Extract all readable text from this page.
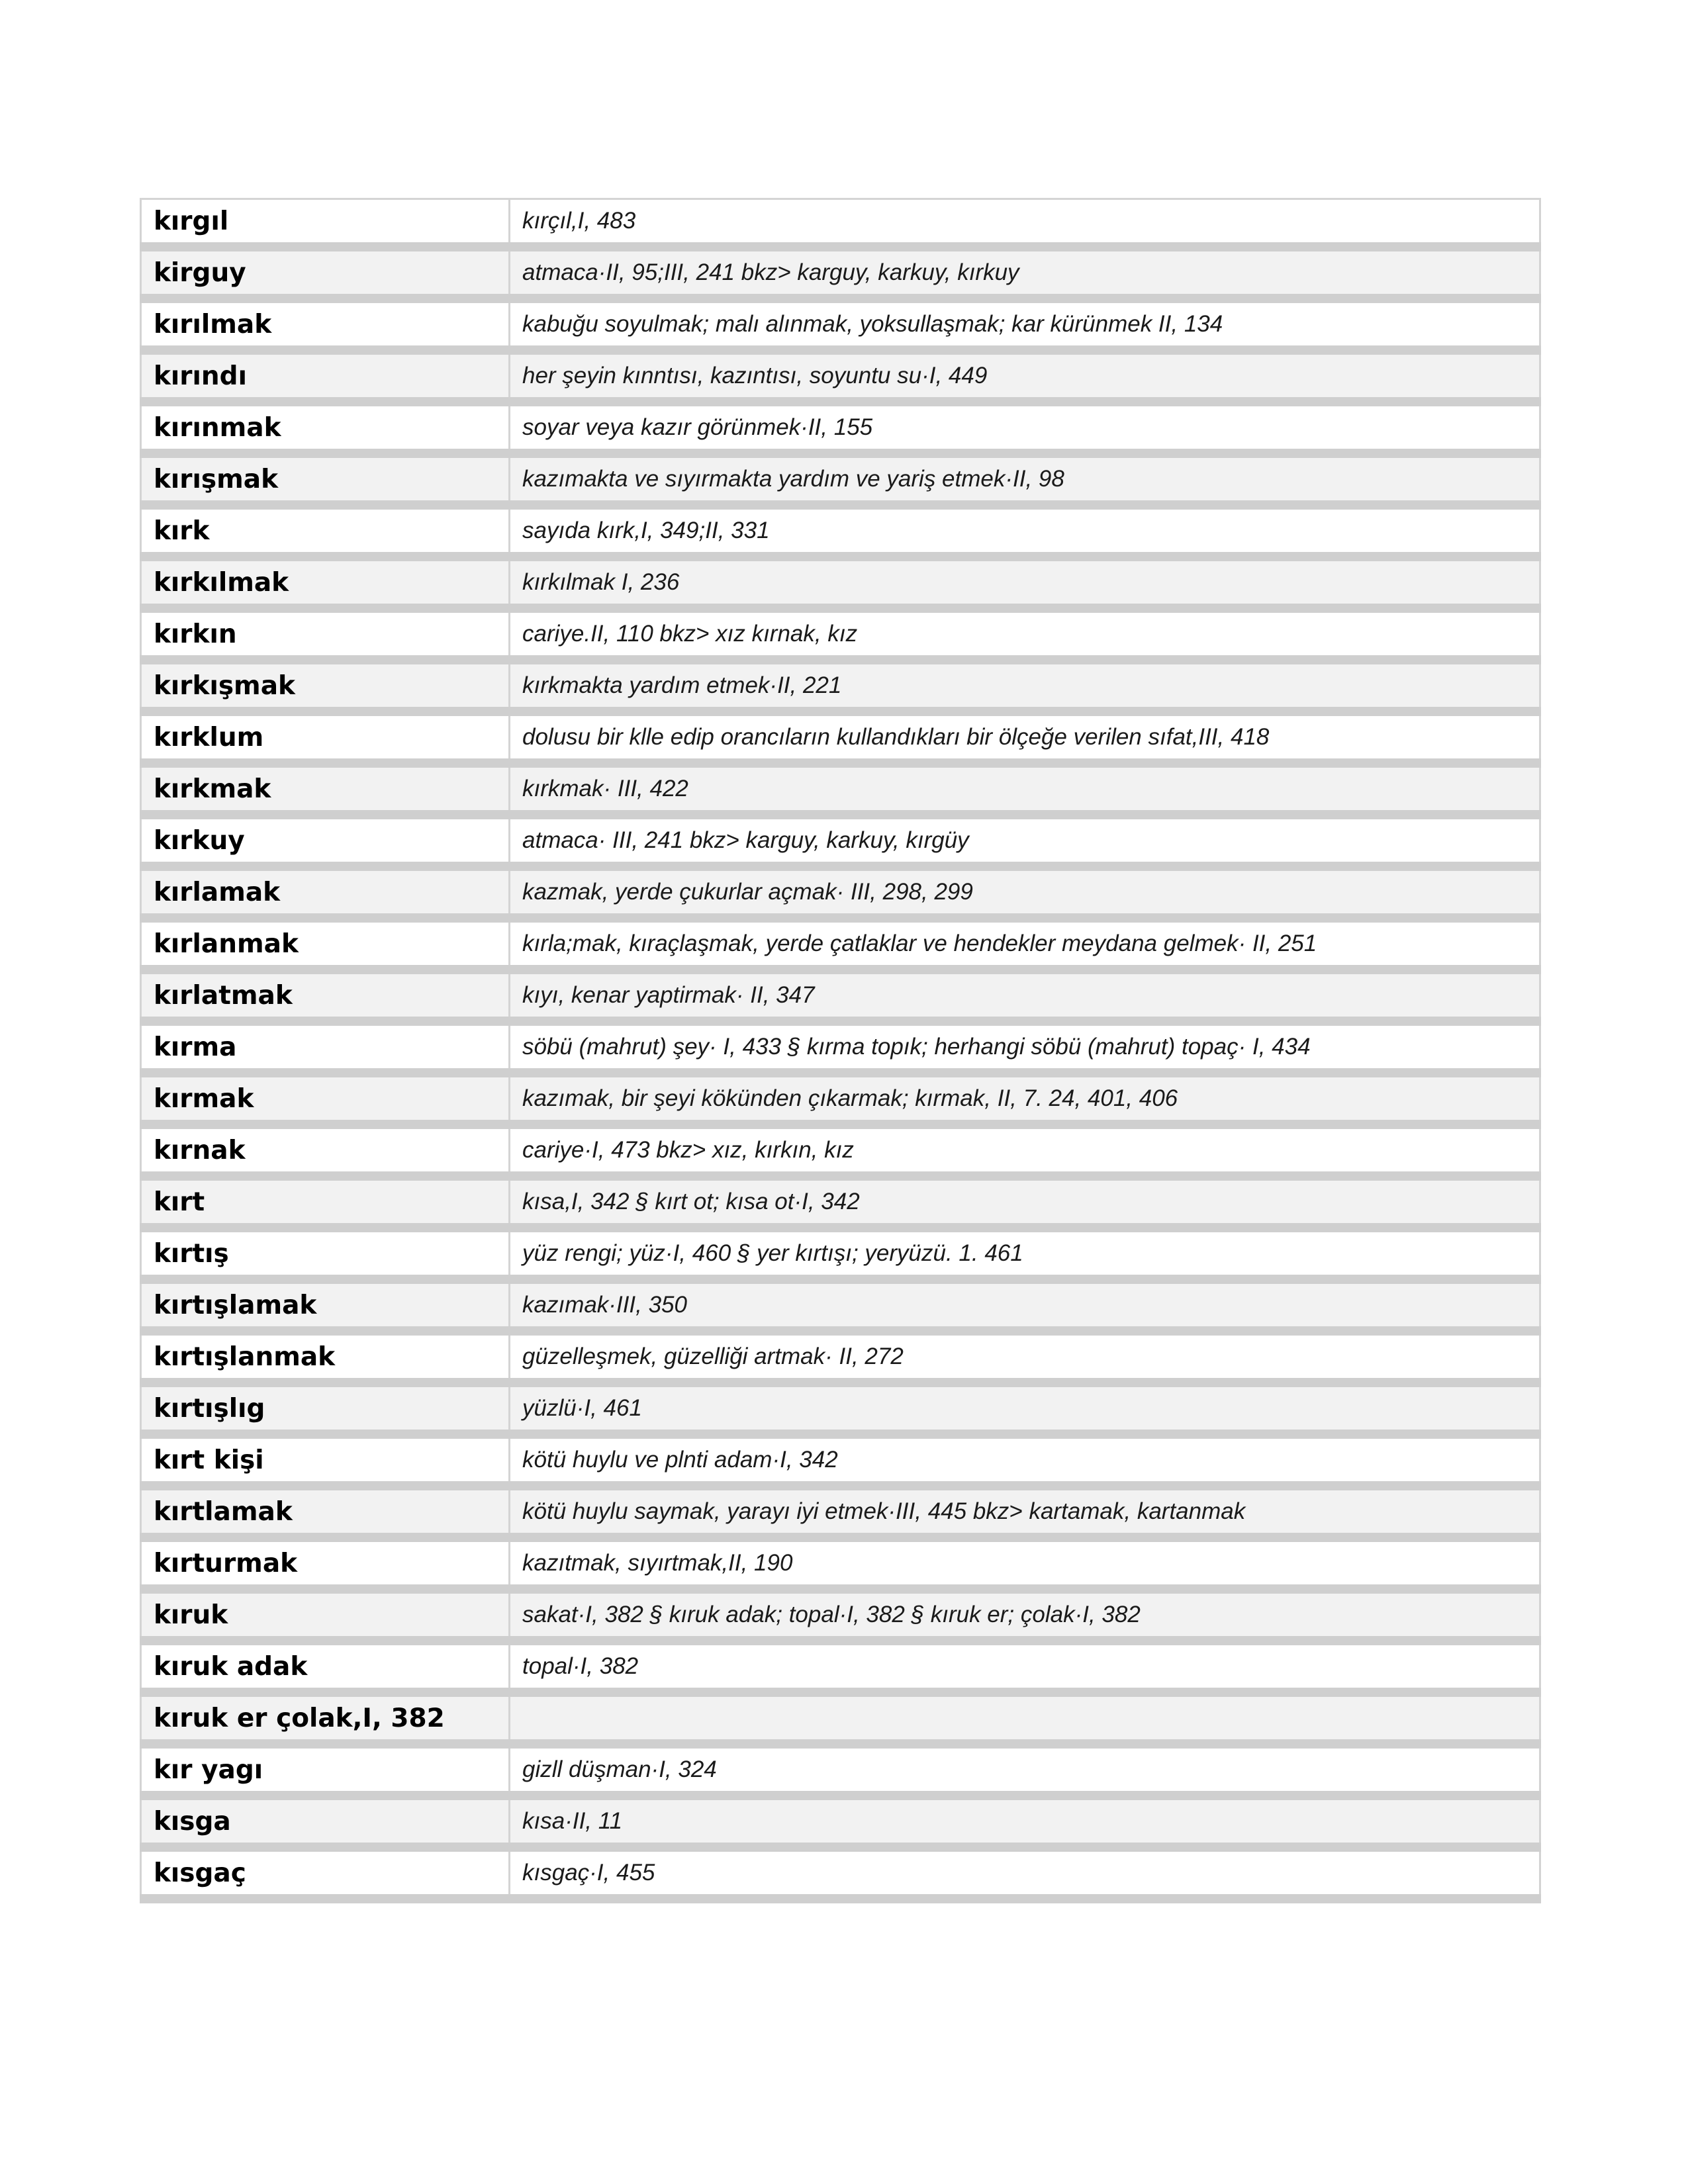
kırgıl	kırçıl,I, 483
kirguy	atmaca·II, 95;III, 241 bkz> karguy, karkuy, kırkuy
kırılmak	kabuğu soyulmak; malı alınmak, yoksullaşmak; kar kürünmek II, 134
kırındı	her şeyin kınntısı, kazıntısı, soyuntu su·I, 449
kırınmak	soyar veya kazır görünmek·II, 155
kırışmak	kazımakta ve sıyırmakta yardım ve yariş etmek·II, 98
kırk	sayıda kırk,I, 349;II, 331
kırkılmak	kırkılmak I, 236
kırkın	cariye.II, 110 bkz> xız kırnak, kız
kırkışmak	kırkmakta yardım etmek·II, 221
kırklum	dolusu bir klle edip orancıların kullandıkları bir ölçeğe verilen sıfat,III, 418
kırkmak	kırkmak· III, 422
kırkuy	atmaca· III, 241 bkz> karguy, karkuy, kırgüy
kırlamak	kazmak, yerde çukurlar açmak· III, 298, 299
kırlanmak	kırla;mak, kıraçlaşmak, yerde çatlaklar ve hendekler meydana gelmek· II, 251
kırlatmak	kıyı, kenar yaptirmak· II, 347
kırma	söbü (mahrut) şey· I, 433 § kırma topık; herhangi söbü (mahrut) topaç· I, 434
kırmak	kazımak, bir şeyi kökünden çıkarmak; kırmak, II, 7. 24, 401, 406
kırnak	cariye·I, 473 bkz> xız, kırkın, kız
kırt	kısa,I, 342 § kırt ot; kısa ot·I, 342
kırtış	yüz rengi; yüz·I, 460 § yer kırtışı; yeryüzü. 1. 461
kırtışlamak	kazımak·III, 350
kırtışlanmak	güzelleşmek, güzelliği artmak· II, 272
kırtışlıg	yüzlü·I, 461
kırt kişi	kötü huylu ve plnti adam·I, 342
kırtlamak	kötü huylu saymak, yarayı iyi etmek·III, 445 bkz> kartamak, kartanmak
kırturmak	kazıtmak, sıyırtmak,II, 190
kıruk	sakat·I, 382 § kıruk adak; topal·I, 382 § kıruk er; çolak·I, 382
kıruk adak	topal·I, 382
kıruk er çolak,I, 382	
kır yagı	gizll düşman·I, 324
kısga	kısa·II, 11
kısgaç	kısgaç·I, 455
